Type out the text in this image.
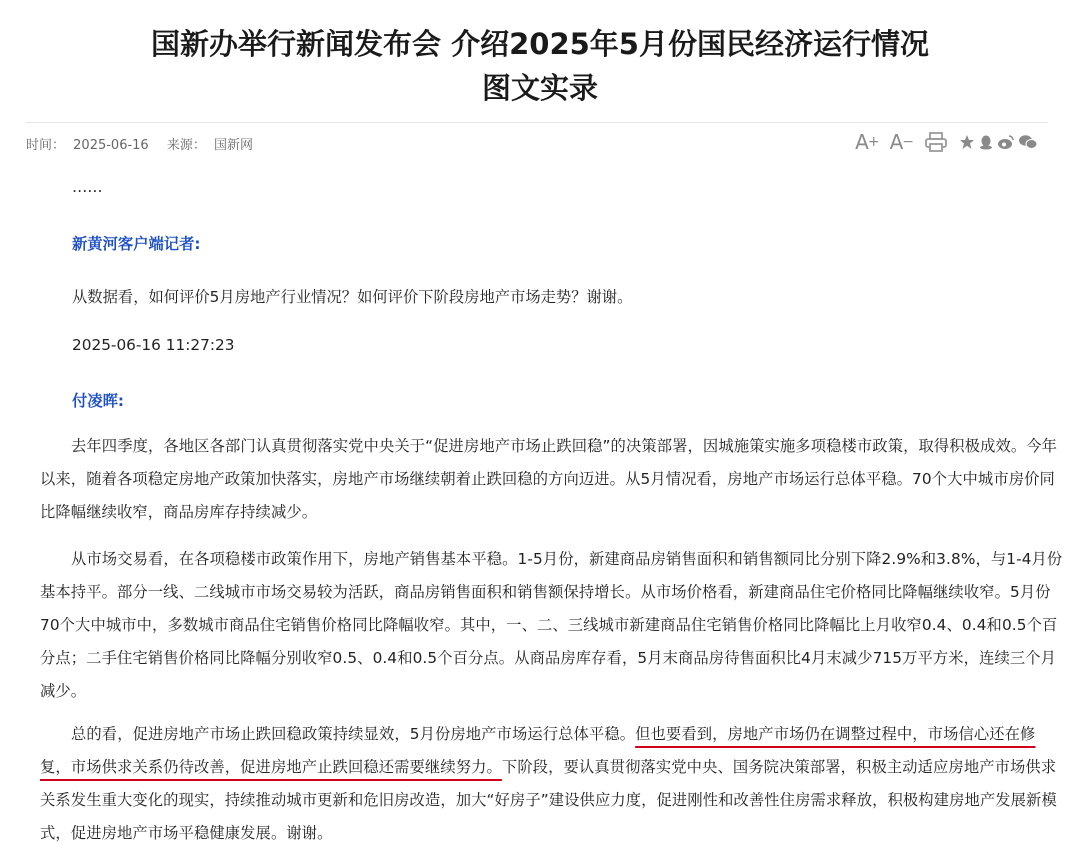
国新办举行新闻发布会 介绍2025年5月份国民经济运行情况
图文实录
时间： 2025-06-16 来源： 国新网	A + A −
……
新黄河客户端记者:
从数据看，如何评价5月房地产行业情况？如何评价下阶段房地产市场走势？谢谢。
2025-06-16 11:27:23
付凌晖:
去年四季度，各地区各部门认真贯彻落实党中央关于“促进房地产市场止跌回稳”的决策部署，因城施策实施多项稳楼市政策，取得积极成效。今年以来，随着各项稳定房地产政策加快落实，房地产市场继续朝着止跌回稳的方向迈进。从5月情况看，房地产市场运行总体平稳。70个大中城市房价同比降幅继续收窄，商品房库存持续减少。
从市场交易看，在各项稳楼市政策作用下，房地产销售基本平稳。1-5月份，新建商品房销售面积和销售额同比分别下降2.9%和3.8%，与1-4月份基本持平。部分一线、二线城市市场交易较为活跃，商品房销售面积和销售额保持增长。从市场价格看，新建商品住宅价格同比降幅继续收窄。5月份70个大中城市中，多数城市商品住宅销售价格同比降幅收窄。其中，一、二、三线城市新建商品住宅销售价格同比降幅比上月收窄0.4、0.4和0.5个百分点；二手住宅销售价格同比降幅分别收窄0.5、0.4和0.5个百分点。从商品房库存看，5月末商品房待售面积比4月末减少715万平方米，连续三个月减少。
总的看，促进房地产市场止跌回稳政策持续显效，5月份房地产市场运行总体平稳。但也要看到，房地产市场仍在调整过程中，市场信心还在修复，市场供求关系仍待改善，促进房地产止跌回稳还需要继续努力。下阶段，要认真贯彻落实党中央、国务院决策部署，积极主动适应房地产市场供求关系发生重大变化的现实，持续推动城市更新和危旧房改造，加大“好房子”建设供应力度，促进刚性和改善性住房需求释放，积极构建房地产发展新模式，促进房地产市场平稳健康发展。谢谢。
